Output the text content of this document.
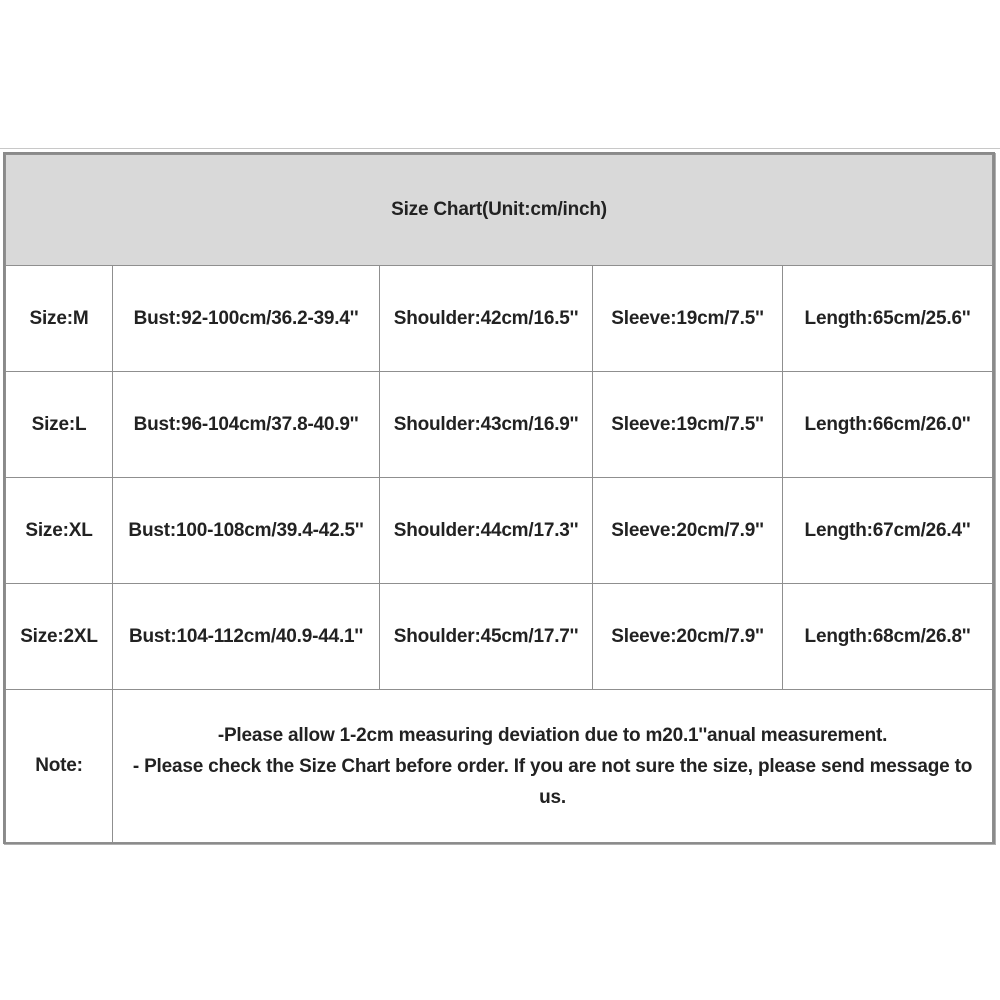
Size Chart(Unit:cm/inch)				
Size:M	Bust:92-100cm/36.2-39.4''	Shoulder:42cm/16.5''	Sleeve:19cm/7.5''	Length:65cm/25.6''
Size:L	Bust:96-104cm/37.8-40.9''	Shoulder:43cm/16.9''	Sleeve:19cm/7.5''	Length:66cm/26.0''
Size:XL	Bust:100-108cm/39.4-42.5''	Shoulder:44cm/17.3''	Sleeve:20cm/7.9''	Length:67cm/26.4''
Size:2XL	Bust:104-112cm/40.9-44.1''	Shoulder:45cm/17.7''	Sleeve:20cm/7.9''	Length:68cm/26.8''
Note:	-Please allow 1-2cm measuring deviation due to m20.1''anual measurement.
- Please check the Size Chart before order. If you are not sure the size, please send message to us.			
